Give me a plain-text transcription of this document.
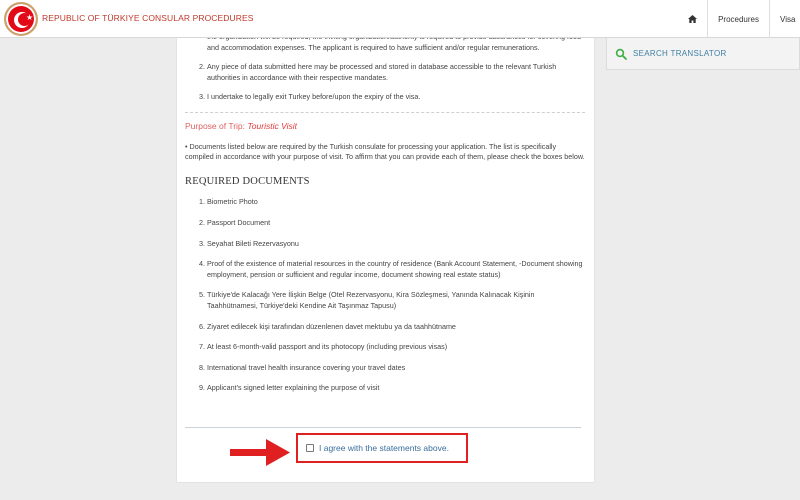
★ REPUBLIC OF TÜRKIYE CONSULAR PROCEDURES	Procedures	Visa
SEARCH TRANSLATOR
and accommodation expenses. The applicant is required to have sufficient and/or regular remunerations.
2. Any piece of data submitted here may be processed and stored in database accessible to the relevant Turkish authorities in accordance with their respective mandates.
3. I undertake to legally exit Turkey before/upon the expiry of the visa.
Purpose of Trip: Touristic Visit
• Documents listed below are required by the Turkish consulate for processing your application. The list is specifically compiled in accordance with your purpose of visit. To affirm that you can provide each of them, please check the boxes below.
REQUIRED DOCUMENTS
1. Biometric Photo
2. Passport Document
3. Seyahat Bileti Rezervasyonu
4. Proof of the existence of material resources in the country of residence (Bank Account Statement, -Document showing employment, pension or sufficient and regular income, document showing real estate status)
5. Türkiye'de Kalacağı Yere İlişkin Belge (Otel Rezervasyonu, Kira Sözleşmesi, Yanında Kalınacak Kişinin Taahhütnamesi, Türkiye'deki Kendine Ait Taşınmaz Tapusu)
6. Ziyaret edilecek kişi tarafından düzenlenen davet mektubu ya da taahhütname
7. At least 6-month-valid passport and its photocopy (including previous visas)
8. International travel health insurance covering your travel dates
9. Applicant's signed letter explaining the purpose of visit
I agree with the statements above.
